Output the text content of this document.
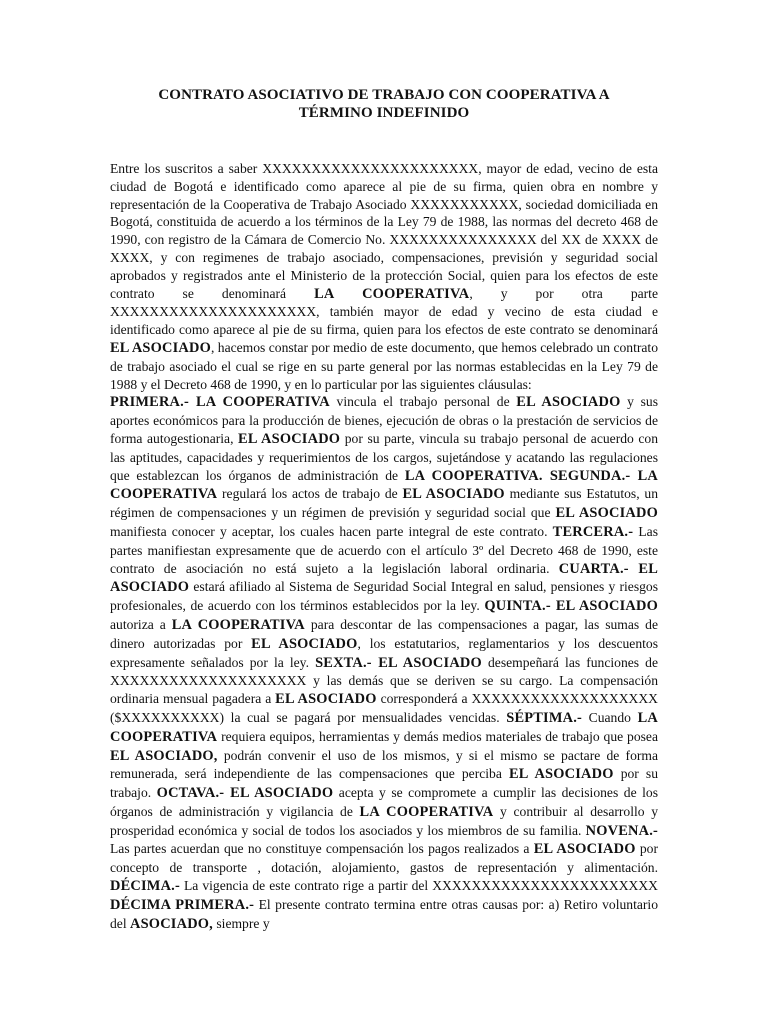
CONTRATO ASOCIATIVO DE TRABAJO CON COOPERATIVA A
TÉRMINO INDEFINIDO

Entre los suscritos a saber XXXXXXXXXXXXXXXXXXXXXX, mayor de edad, vecino de esta ciudad de Bogotá e identificado como aparece al pie de su firma, quien obra en nombre y representación de la Cooperativa de Trabajo Asociado XXXXXXXXXXX, sociedad domiciliada en Bogotá, constituida de acuerdo a los términos de la Ley 79 de 1988, las normas del decreto 468 de 1990, con registro de la Cámara de Comercio No. XXXXXXXXXXXXXXX del XX de XXXX de XXXX, y con regimenes de trabajo asociado, compensaciones, previsión y seguridad social aprobados y registrados ante el Ministerio de la protección Social, quien para los efectos de este contrato se denominará LA COOPERATIVA, y por otra parte XXXXXXXXXXXXXXXXXXXXX, también mayor de edad y vecino de esta ciudad e identificado como aparece al pie de su firma, quien para los efectos de este contrato se denominará EL ASOCIADO, hacemos constar por medio de este documento, que hemos celebrado un contrato de trabajo asociado el cual se rige en su parte general por las normas establecidas en la Ley 79 de 1988 y el Decreto 468 de 1990, y en lo particular por las siguientes cláusulas:

PRIMERA.- LA COOPERATIVA vincula el trabajo personal de EL ASOCIADO y sus aportes económicos para la producción de bienes, ejecución de obras o la prestación de servicios de forma autogestionaria, EL ASOCIADO por su parte, vincula su trabajo personal de acuerdo con las aptitudes, capacidades y requerimientos de los cargos, sujetándose y acatando las regulaciones que establezcan los órganos de administración de LA COOPERATIVA. SEGUNDA.- LA COOPERATIVA regulará los actos de trabajo de EL ASOCIADO mediante sus Estatutos, un régimen de compensaciones y un régimen de previsión y seguridad social que EL ASOCIADO manifiesta conocer y aceptar, los cuales hacen parte integral de este contrato. TERCERA.- Las partes manifiestan expresamente que de acuerdo con el artículo 3º del Decreto 468 de 1990, este contrato de asociación no está sujeto a la legislación laboral ordinaria. CUARTA.- EL ASOCIADO estará afiliado al Sistema de Seguridad Social Integral en salud, pensiones y riesgos profesionales, de acuerdo con los términos establecidos por la ley. QUINTA.- EL ASOCIADO autoriza a LA COOPERATIVA para descontar de las compensaciones a pagar, las sumas de dinero autorizadas por EL ASOCIADO, los estatutarios, reglamentarios y los descuentos expresamente señalados por la ley. SEXTA.- EL ASOCIADO desempeñará las funciones de XXXXXXXXXXXXXXXXXXXX y las demás que se deriven se su cargo. La compensación ordinaria mensual pagadera a EL ASOCIADO corresponderá a XXXXXXXXXXXXXXXXXXX ($XXXXXXXXXX) la cual se pagará por mensualidades vencidas. SÉPTIMA.- Cuando LA COOPERATIVA requiera equipos, herramientas y demás medios materiales de trabajo que posea EL ASOCIADO, podrán convenir el uso de los mismos, y si el mismo se pactare de forma remunerada, será independiente de las compensaciones que perciba EL ASOCIADO por su trabajo. OCTAVA.- EL ASOCIADO acepta y se compromete a cumplir las decisiones de los órganos de administración y vigilancia de LA COOPERATIVA y contribuir al desarrollo y prosperidad económica y social de todos los asociados y los miembros de su familia. NOVENA.-Las partes acuerdan que no constituye compensación los pagos realizados a EL ASOCIADO por concepto de transporte , dotación, alojamiento, gastos de representación y alimentación. DÉCIMA.- La vigencia de este contrato rige a partir del XXXXXXXXXXXXXXXXXXXXXXX DÉCIMA PRIMERA.- El presente contrato termina entre otras causas por: a) Retiro voluntario del ASOCIADO, siempre y
